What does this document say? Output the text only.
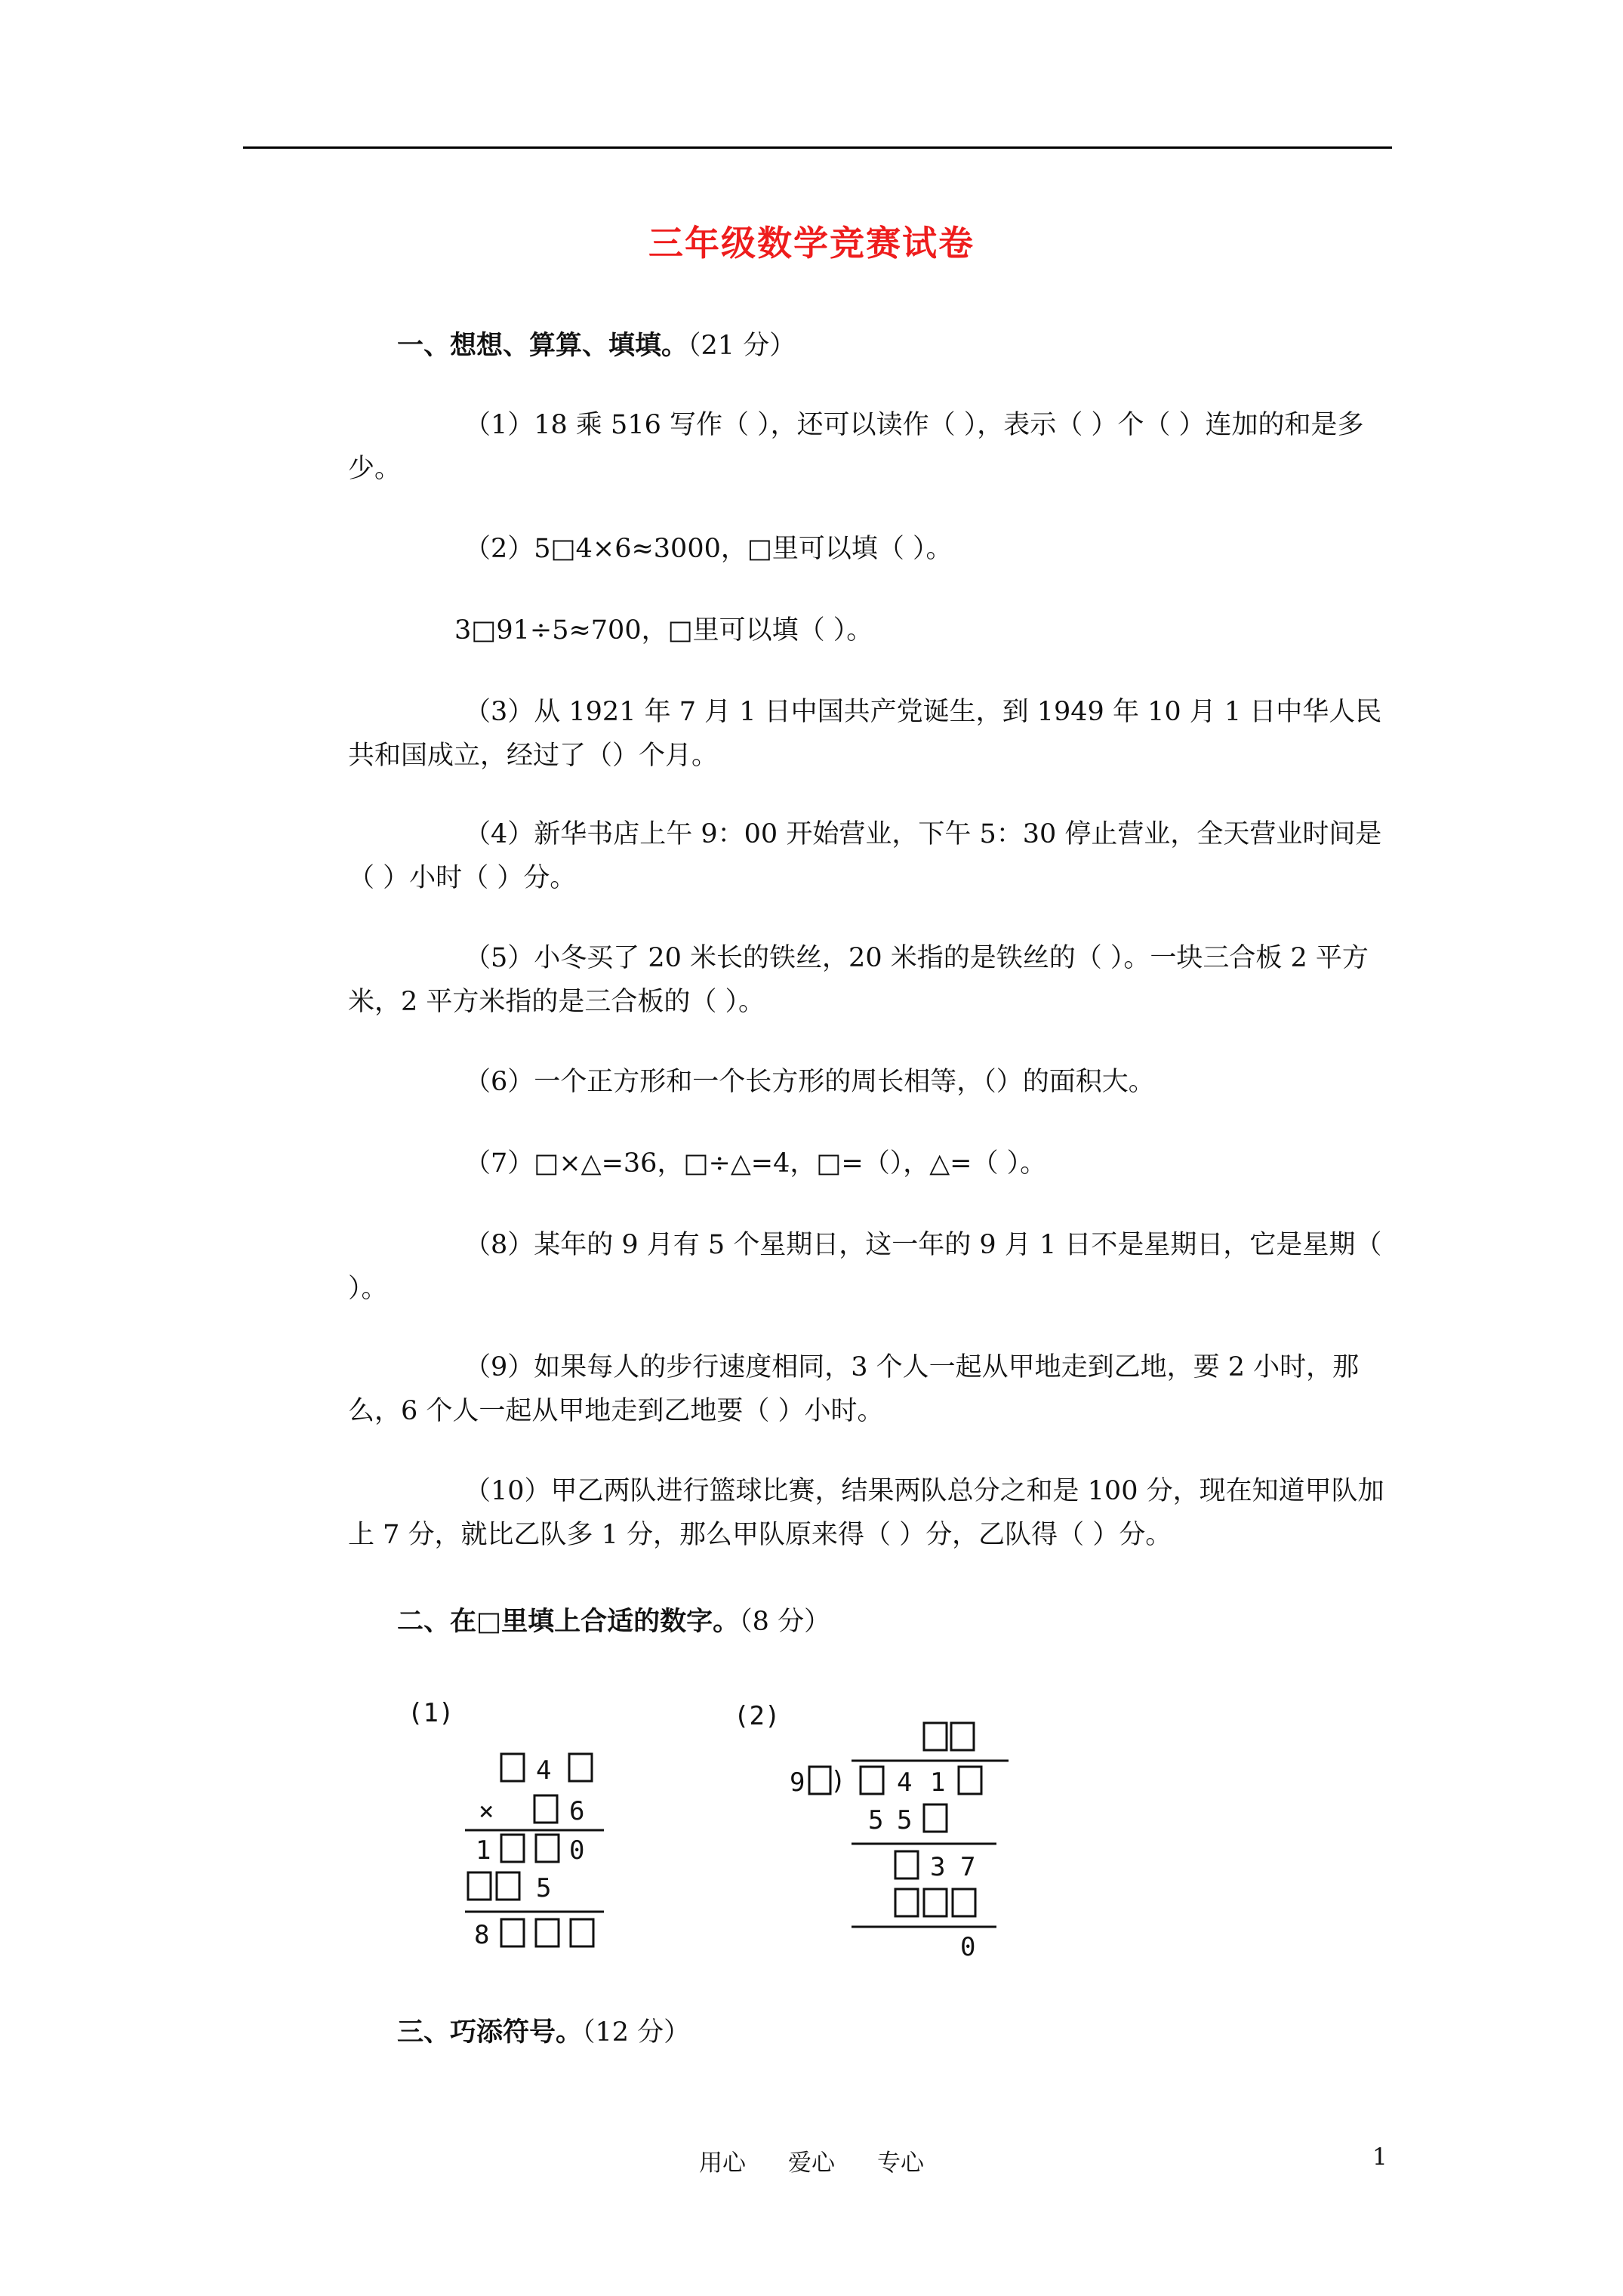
三年级数学竞赛试卷
一、想想、算算、填填。（21 分）
（1）18 乘 516 写作（ ），还可以读作（ ），表示（ ）个（ ）连加的和是多少。
（2）5□4×6≈3000，□里可以填（ ）。
3□91÷5≈700，□里可以填（ ）。
（3）从 1921 年 7 月 1 日中国共产党诞生，到 1949 年 10 月 1 日中华人民共和国成立，经过了（）个月。
（4）新华书店上午 9：00 开始营业，下午 5：30 停止营业，全天营业时间是（ ）小时（ ）分。
（5）小冬买了 20 米长的铁丝，20 米指的是铁丝的（ ）。一块三合板 2 平方米，2 平方米指的是三合板的（ ）。
（6）一个正方形和一个长方形的周长相等，（）的面积大。
（7）□×△=36，□÷△=4，□=（），△=（ ）。
（8）某年的 9 月有 5 个星期日，这一年的 9 月 1 日不是星期日，它是星期（ ）。
（9）如果每人的步行速度相同，3 个人一起从甲地走到乙地，要 2 小时，那么，6 个人一起从甲地走到乙地要（ ）小时。
（10）甲乙两队进行篮球比赛，结果两队总分之和是 100 分，现在知道甲队加上 7 分，就比乙队多 1 分，那么甲队原来得（ ）分，乙队得（ ）分。
二、在□里填上合适的数字。（8 分）
(1)
4
×	6
1	0
5
8
(2)
9 ) 4 1
5 5
3 7
0
三、巧添符号。（12 分）
用心 爱心 专心	1
